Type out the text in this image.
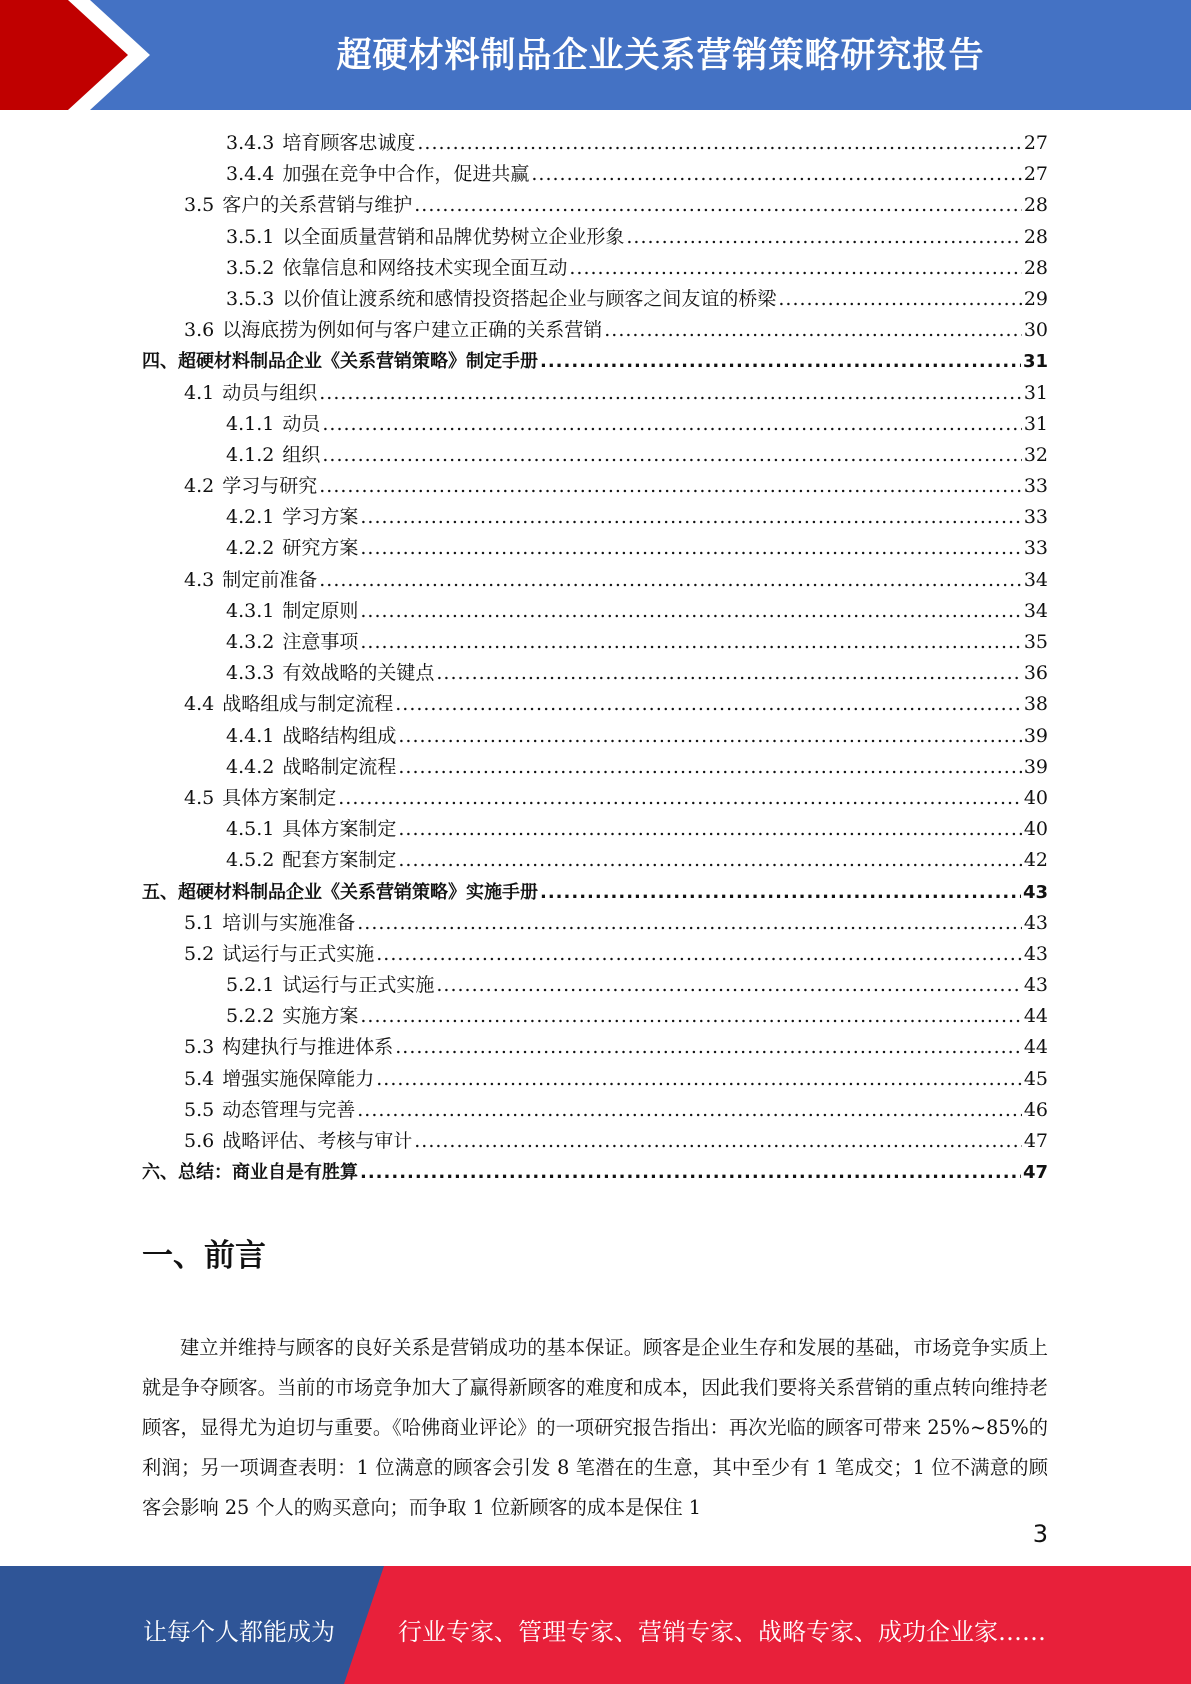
超硬材料制品企业关系营销策略研究报告
3.4.3 培育顾客忠诚度 .....	27
3.4.4 加强在竞争中合作，促进共赢 .....	27
3.5 客户的关系营销与维护 .....	28
3.5.1 以全面质量营销和品牌优势树立企业形象 .....	28
3.5.2 依靠信息和网络技术实现全面互动 .....	28
3.5.3 以价值让渡系统和感情投资搭起企业与顾客之间友谊的桥梁 .....	29
3.6 以海底捞为例如何与客户建立正确的关系营销 .....	30
四、超硬材料制品企业《关系营销策略》制定手册 .....	31
4.1 动员与组织 .....	31
4.1.1 动员 .....	31
4.1.2 组织 .....	32
4.2 学习与研究 .....	33
4.2.1 学习方案 .....	33
4.2.2 研究方案 .....	33
4.3 制定前准备 .....	34
4.3.1 制定原则 .....	34
4.3.2 注意事项 .....	35
4.3.3 有效战略的关键点 .....	36
4.4 战略组成与制定流程 .....	38
4.4.1 战略结构组成 .....	39
4.4.2 战略制定流程 .....	39
4.5 具体方案制定 .....	40
4.5.1 具体方案制定 .....	40
4.5.2 配套方案制定 .....	42
五、超硬材料制品企业《关系营销策略》实施手册 .....	43
5.1 培训与实施准备 .....	43
5.2 试运行与正式实施 .....	43
5.2.1 试运行与正式实施 .....	43
5.2.2 实施方案 .....	44
5.3 构建执行与推进体系 .....	44
5.4 增强实施保障能力 .....	45
5.5 动态管理与完善 .....	46
5.6 战略评估、考核与审计 .....	47
六、总结：商业自是有胜算 .....	47
一、前言
建立并维持与顾客的良好关系是营销成功的基本保证。顾客是企业生存和发展的基础，市场竞争实质上就是争夺顾客。当前的市场竞争加大了赢得新顾客的难度和成本，因此我们要将关系营销的重点转向维持老顾客，显得尤为迫切与重要。《哈佛商业评论》的一项研究报告指出：再次光临的顾客可带来 25%~85%的利润；另一项调查表明：1 位满意的顾客会引发 8 笔潜在的生意，其中至少有 1 笔成交；1 位不满意的顾客会影响 25 个人的购买意向；而争取 1 位新顾客的成本是保住 1
3
让每个人都能成为	行业专家、管理专家、营销专家、战略专家、成功企业家……
